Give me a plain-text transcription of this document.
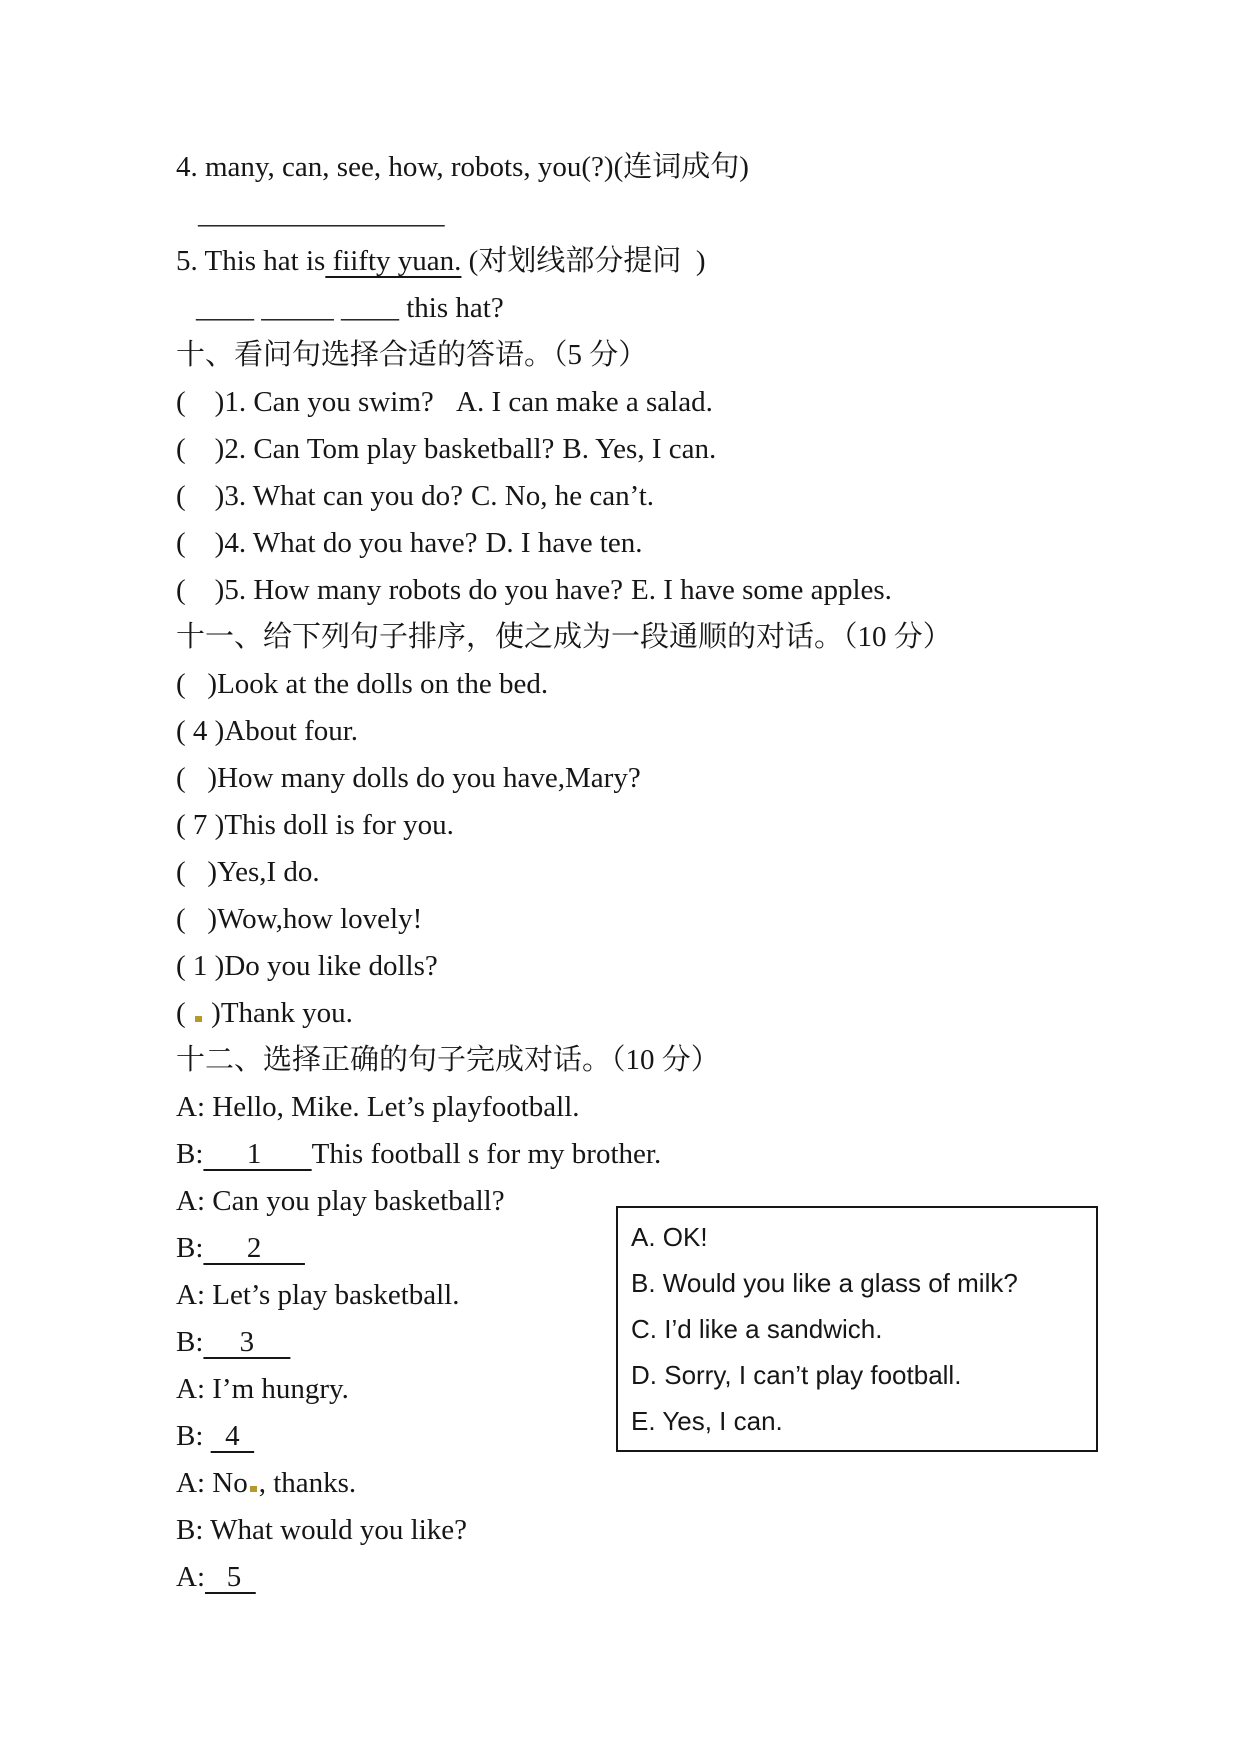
4. many, can, see, how, robots, you(?)(连词成句)
_________________
5. This hat is fiifty yuan. (对划线部分提问  )
____ _____ ____ this hat?
十、看问句选择合适的答语。（5 分）
(    )1. Can you swim? A. I can make a salad.
(    )2. Can Tom play basketball? B. Yes, I can.
(    )3. What can you do? C. No, he can’t.
(    )4. What do you have? D. I have ten.
(    )5. How many robots do you have? E. I have some apples.
十一、给下列句子排序，使之成为一段通顺的对话。（10 分）
(   )Look at the dolls on the bed.
( 4 )About four.
(   )How many dolls do you have,Mary?
( 7 )This doll is for you.
(   )Yes,I do.
(   )Wow,how lovely!
( 1 )Do you like dolls?
(  )Thank you.
十二、选择正确的句子完成对话。（10 分）
A: Hello, Mike. Let’s playfootball.
B:      1       This football s for my brother.
A: Can you play basketball?
B:      2
A: Let’s play basketball.
B:     3
A: I’m hungry.
B:   4
A: No , thanks.
B: What would you like?
A:   5
A. OK!
B. Would you like a glass of milk?
C. I’d like a sandwich.
D. Sorry, I can’t play football.
E. Yes, I can.
